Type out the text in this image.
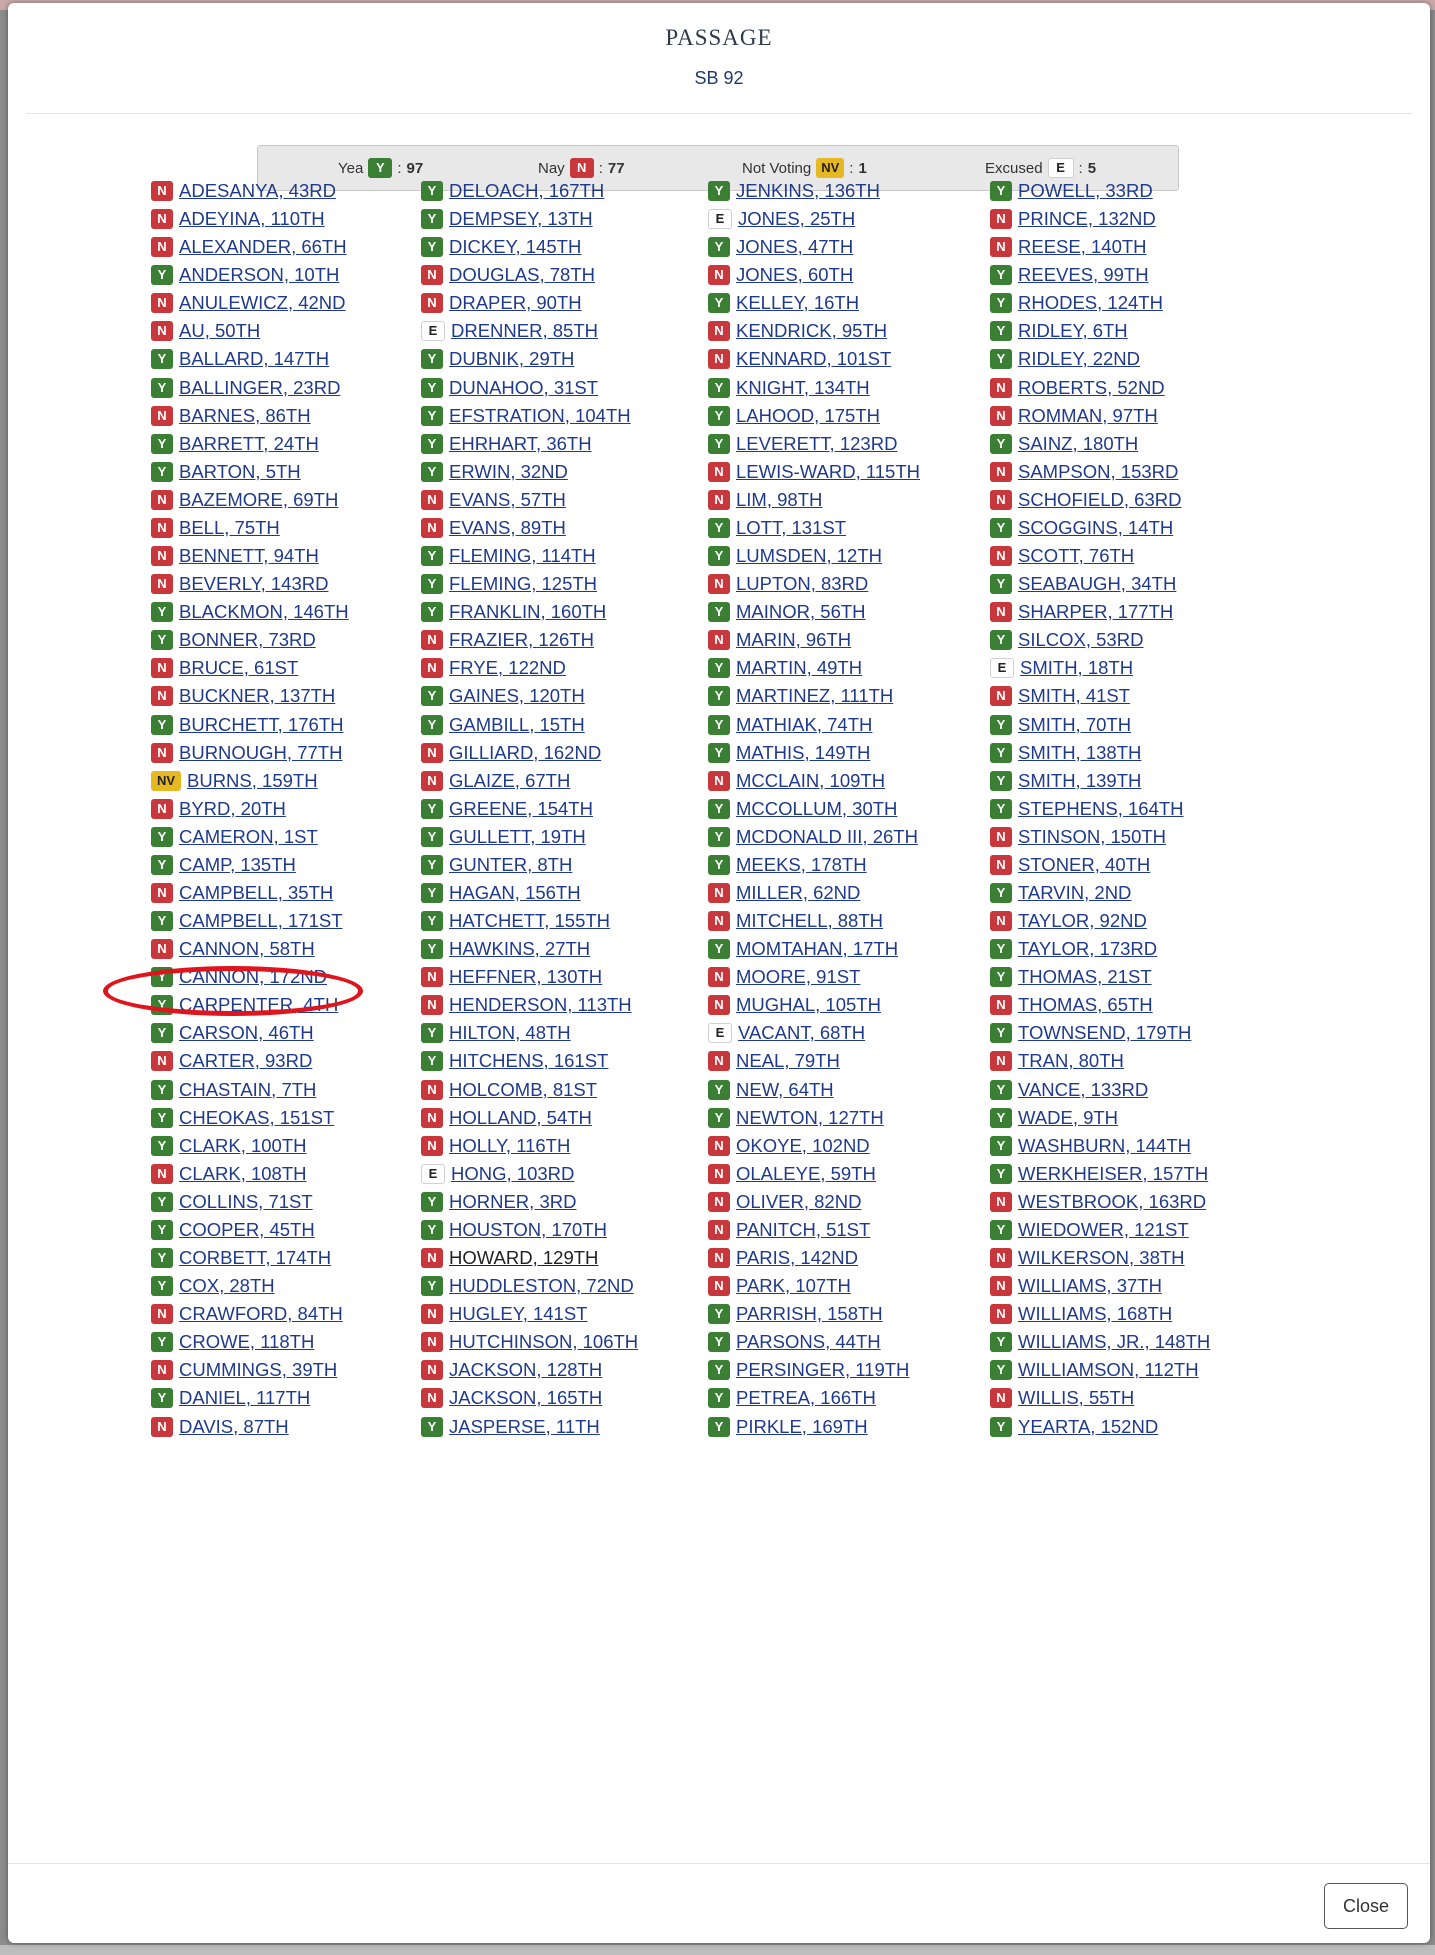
PASSAGE
SB 92
Yea Y : 97	Nay N : 77	Not Voting NV : 1	Excused	E : 5
N ADESANYA, 43RD
N ADEYINA, 110TH
N ALEXANDER, 66TH
Y ANDERSON, 10TH
N ANULEWICZ, 42ND
N AU, 50TH
Y BALLARD, 147TH
Y BALLINGER, 23RD
N BARNES, 86TH
Y BARRETT, 24TH
Y BARTON, 5TH
N BAZEMORE, 69TH
N BELL, 75TH
N BENNETT, 94TH
N BEVERLY, 143RD
Y BLACKMON, 146TH
Y BONNER, 73RD
N BRUCE, 61ST
N BUCKNER, 137TH
Y BURCHETT, 176TH
N BURNOUGH, 77TH
NV BURNS, 159TH
N BYRD, 20TH
Y CAMERON, 1ST
Y CAMP, 135TH
N CAMPBELL, 35TH
Y CAMPBELL, 171ST
N CANNON, 58TH
Y CANNON, 172ND
Y CARPENTER, 4TH
Y CARSON, 46TH
N CARTER, 93RD
Y CHASTAIN, 7TH
Y CHEOKAS, 151ST
Y CLARK, 100TH
N CLARK, 108TH
Y COLLINS, 71ST
Y COOPER, 45TH
Y CORBETT, 174TH
Y COX, 28TH
N CRAWFORD, 84TH
Y CROWE, 118TH
N CUMMINGS, 39TH
Y DANIEL, 117TH
N DAVIS, 87TH
Y DELOACH, 167TH
Y DEMPSEY, 13TH
Y DICKEY, 145TH
N DOUGLAS, 78TH
N DRAPER, 90TH
E DRENNER, 85TH
Y DUBNIK, 29TH
Y DUNAHOO, 31ST
Y EFSTRATION, 104TH
Y EHRHART, 36TH
Y ERWIN, 32ND
N EVANS, 57TH
N EVANS, 89TH
Y FLEMING, 114TH
Y FLEMING, 125TH
Y FRANKLIN, 160TH
N FRAZIER, 126TH
N FRYE, 122ND
Y GAINES, 120TH
Y GAMBILL, 15TH
N GILLIARD, 162ND
N GLAIZE, 67TH
Y GREENE, 154TH
Y GULLETT, 19TH
Y GUNTER, 8TH
Y HAGAN, 156TH
Y HATCHETT, 155TH
Y HAWKINS, 27TH
N HEFFNER, 130TH
N HENDERSON, 113TH
Y HILTON, 48TH
Y HITCHENS, 161ST
N HOLCOMB, 81ST
N HOLLAND, 54TH
N HOLLY, 116TH
E HONG, 103RD
Y HORNER, 3RD
Y HOUSTON, 170TH
N HOWARD, 129TH
Y HUDDLESTON, 72ND
N HUGLEY, 141ST
N HUTCHINSON, 106TH
N JACKSON, 128TH
N JACKSON, 165TH
Y JASPERSE, 11TH
Y JENKINS, 136TH
E JONES, 25TH
Y JONES, 47TH
N JONES, 60TH
Y KELLEY, 16TH
N KENDRICK, 95TH
N KENNARD, 101ST
Y KNIGHT, 134TH
Y LAHOOD, 175TH
Y LEVERETT, 123RD
N LEWIS-WARD, 115TH
N LIM, 98TH
Y LOTT, 131ST
Y LUMSDEN, 12TH
N LUPTON, 83RD
Y MAINOR, 56TH
N MARIN, 96TH
Y MARTIN, 49TH
Y MARTINEZ, 111TH
Y MATHIAK, 74TH
Y MATHIS, 149TH
N MCCLAIN, 109TH
Y MCCOLLUM, 30TH
Y MCDONALD III, 26TH
Y MEEKS, 178TH
N MILLER, 62ND
N MITCHELL, 88TH
Y MOMTAHAN, 17TH
N MOORE, 91ST
N MUGHAL, 105TH
E VACANT, 68TH
N NEAL, 79TH
Y NEW, 64TH
Y NEWTON, 127TH
N OKOYE, 102ND
N OLALEYE, 59TH
N OLIVER, 82ND
N PANITCH, 51ST
N PARIS, 142ND
N PARK, 107TH
Y PARRISH, 158TH
Y PARSONS, 44TH
Y PERSINGER, 119TH
Y PETREA, 166TH
Y PIRKLE, 169TH
Y POWELL, 33RD
N PRINCE, 132ND
N REESE, 140TH
Y REEVES, 99TH
Y RHODES, 124TH
Y RIDLEY, 6TH
Y RIDLEY, 22ND
N ROBERTS, 52ND
N ROMMAN, 97TH
Y SAINZ, 180TH
N SAMPSON, 153RD
N SCHOFIELD, 63RD
Y SCOGGINS, 14TH
N SCOTT, 76TH
Y SEABAUGH, 34TH
N SHARPER, 177TH
Y SILCOX, 53RD
E SMITH, 18TH
N SMITH, 41ST
Y SMITH, 70TH
Y SMITH, 138TH
Y SMITH, 139TH
Y STEPHENS, 164TH
N STINSON, 150TH
N STONER, 40TH
Y TARVIN, 2ND
N TAYLOR, 92ND
Y TAYLOR, 173RD
Y THOMAS, 21ST
N THOMAS, 65TH
Y TOWNSEND, 179TH
N TRAN, 80TH
Y VANCE, 133RD
Y WADE, 9TH
Y WASHBURN, 144TH
Y WERKHEISER, 157TH
N WESTBROOK, 163RD
Y WIEDOWER, 121ST
N WILKERSON, 38TH
N WILLIAMS, 37TH
N WILLIAMS, 168TH
Y WILLIAMS, JR., 148TH
Y WILLIAMSON, 112TH
N WILLIS, 55TH
Y YEARTA, 152ND
Close
